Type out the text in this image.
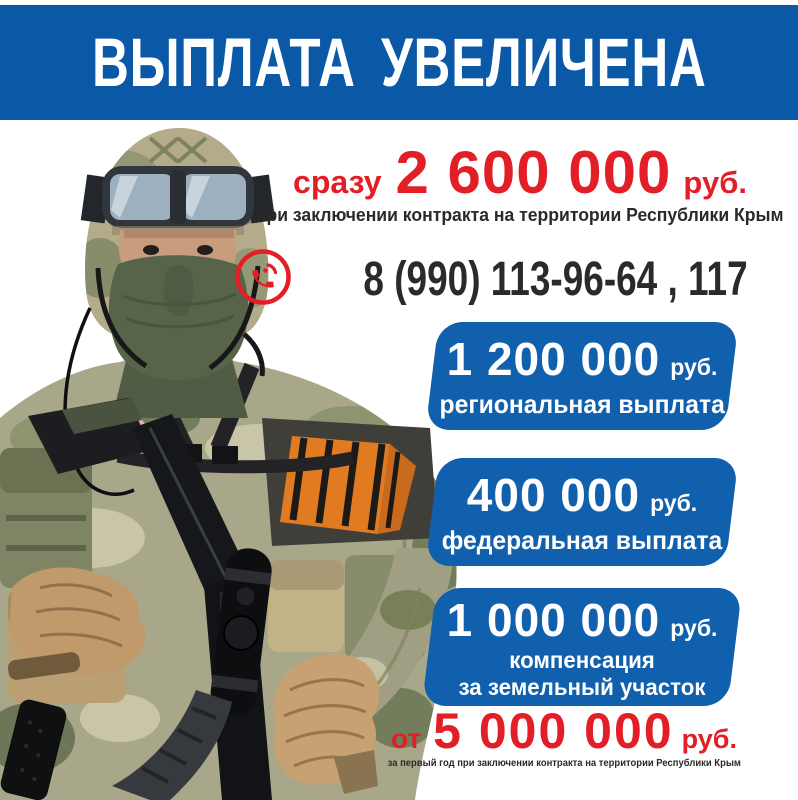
ВЫПЛАТА УВЕЛИЧЕНА
сразу 2 600 000 руб.
при заключении контракта на территории Республики Крым
8 (990) 113-96-64 , 117
1 200 000 руб.
региональная выплата
400 000 руб.
федеральная выплата
1 000 000 руб.
компенсация
за земельный участок
от 5 000 000 руб.
за первый год при заключении контракта на территории Республики Крым
